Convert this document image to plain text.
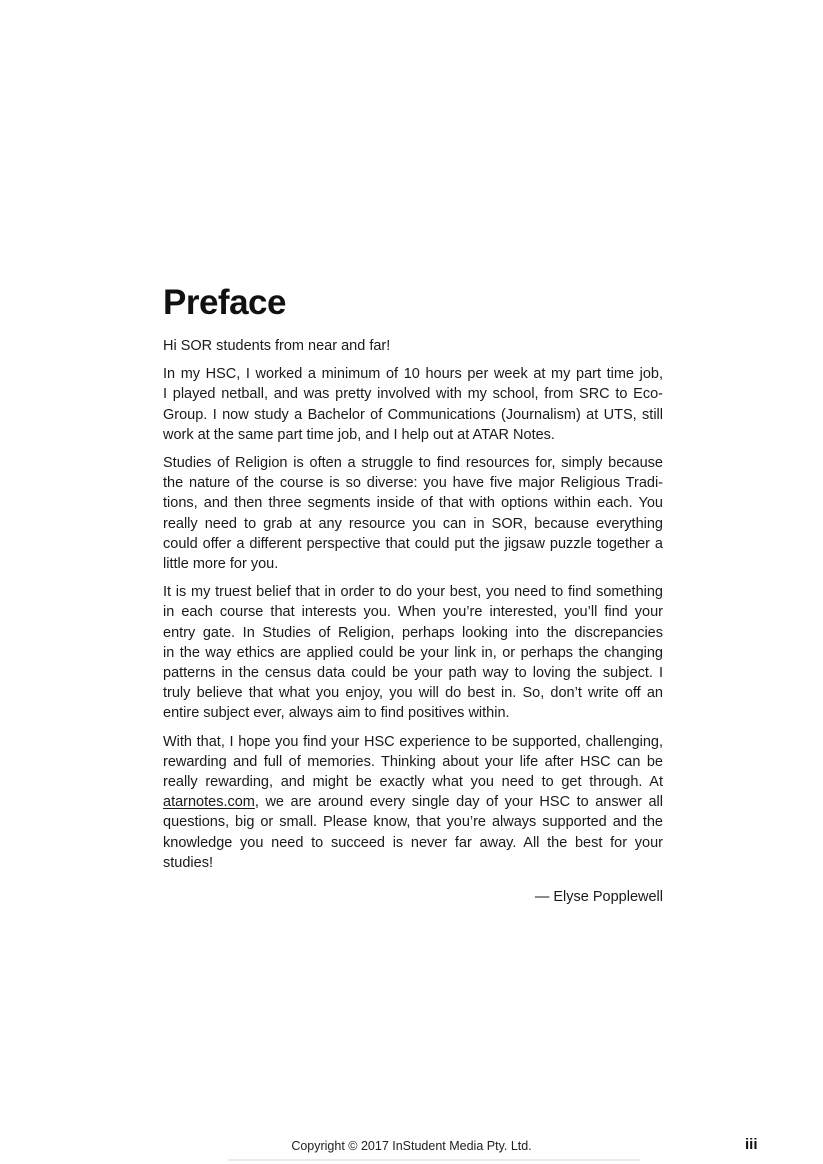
Preface
Hi SOR students from near and far!
In my HSC, I worked a minimum of 10 hours per week at my part time job,
I played netball, and was pretty involved with my school, from SRC to Eco-
Group. I now study a Bachelor of Communications (Journalism) at UTS, still
work at the same part time job, and I help out at ATAR Notes.
Studies of Religion is often a struggle to find resources for, simply because
the nature of the course is so diverse: you have five major Religious Tradi-
tions, and then three segments inside of that with options within each. You
really need to grab at any resource you can in SOR, because everything
could offer a different perspective that could put the jigsaw puzzle together a
little more for you.
It is my truest belief that in order to do your best, you need to find something
in each course that interests you. When you’re interested, you’ll find your
entry gate. In Studies of Religion, perhaps looking into the discrepancies
in the way ethics are applied could be your link in, or perhaps the changing
patterns in the census data could be your path way to loving the subject. I
truly believe that what you enjoy, you will do best in. So, don’t write off an
entire subject ever, always aim to find positives within.
With that, I hope you find your HSC experience to be supported, challenging,
rewarding and full of memories. Thinking about your life after HSC can be
really rewarding, and might be exactly what you need to get through. At
atarnotes.com, we are around every single day of your HSC to answer all
questions, big or small. Please know, that you’re always supported and the
knowledge you need to succeed is never far away. All the best for your
studies!
— Elyse Popplewell
Copyright © 2017 InStudent Media Pty. Ltd.	iii
